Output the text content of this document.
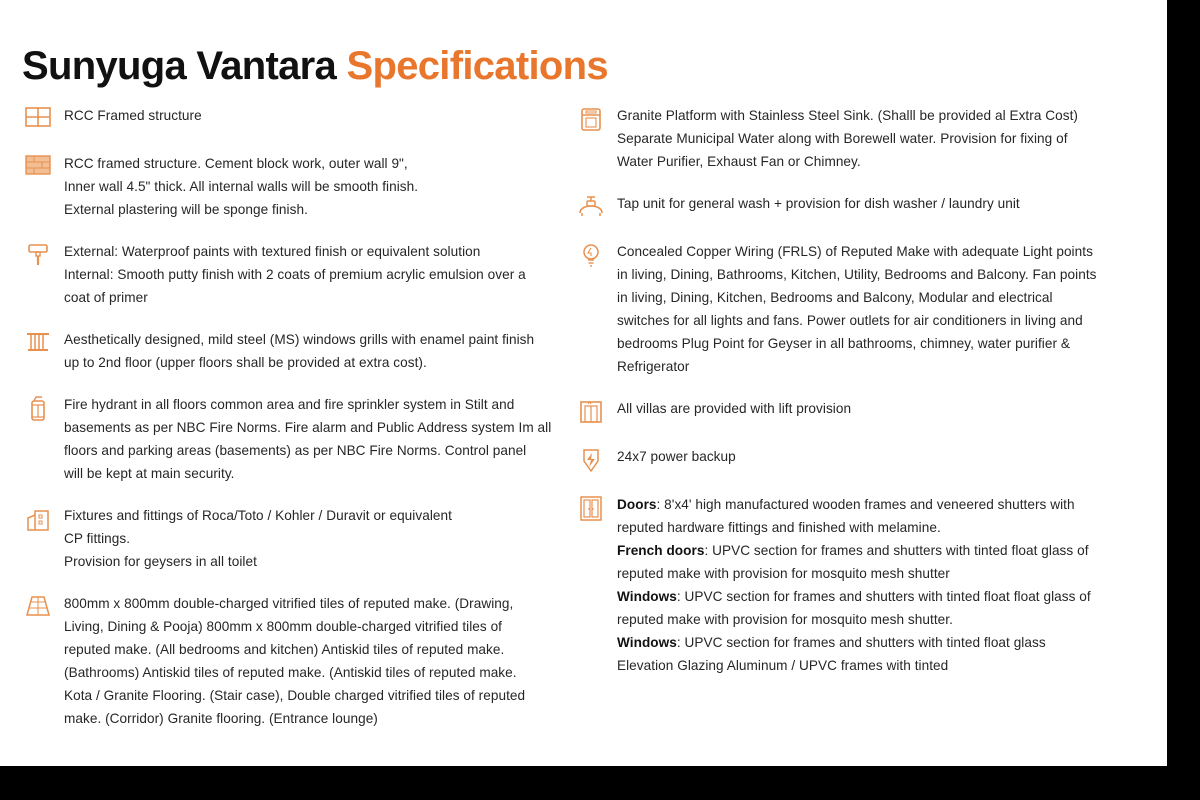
Sunyuga Vantara Specifications
RCC Framed structure
RCC framed structure. Cement block work, outer wall 9",
Inner wall 4.5" thick. All internal walls will be smooth finish.
External plastering will be sponge finish.
External: Waterproof paints with textured finish or equivalent solution
Internal: Smooth putty finish with 2 coats of premium acrylic emulsion over a
coat of primer
Aesthetically designed, mild steel (MS) windows grills with enamel paint finish
up to 2nd floor (upper floors shall be provided at extra cost).
Fire hydrant in all floors common area and fire sprinkler system in Stilt and
basements as per NBC Fire Norms. Fire alarm and Public Address system Im all
floors and parking areas (basements) as per NBC Fire Norms. Control panel
will be kept at main security.
Fixtures and fittings of Roca/Toto / Kohler / Duravit or equivalent
CP fittings.
Provision for geysers in all toilet
800mm x 800mm double-charged vitrified tiles of reputed make. (Drawing,
Living, Dining & Pooja) 800mm x 800mm double-charged vitrified tiles of
reputed make. (All bedrooms and kitchen) Antiskid tiles of reputed make.
(Bathrooms) Antiskid tiles of reputed make. (Antiskid tiles of reputed make.
Kota / Granite Flooring. (Stair case), Double charged vitrified tiles of reputed
make. (Corridor) Granite flooring. (Entrance lounge)
Granite Platform with Stainless Steel Sink. (Shalll be provided al Extra Cost)
Separate Municipal Water along with Borewell water. Provision for fixing of
Water Purifier, Exhaust Fan or Chimney.
Tap unit for general wash + provision for dish washer / laundry unit
Concealed Copper Wiring (FRLS) of Reputed Make with adequate Light points
in living, Dining, Bathrooms, Kitchen, Utility, Bedrooms and Balcony. Fan points
in living, Dining, Kitchen, Bedrooms and Balcony, Modular and electrical
switches for all lights and fans. Power outlets for air conditioners in living and
bedrooms Plug Point for Geyser in all bathrooms, chimney, water purifier &
Refrigerator
All villas are provided with lift provision
24x7 power backup
Doors: 8'x4' high manufactured wooden frames and veneered shutters with
reputed hardware fittings and finished with melamine.
French doors: UPVC section for frames and shutters with tinted float glass of
reputed make with provision for mosquito mesh shutter
Windows: UPVC section for frames and shutters with tinted float float glass of
reputed make with provision for mosquito mesh shutter.
Windows: UPVC section for frames and shutters with tinted float glass
Elevation Glazing Aluminum / UPVC frames with tinted
